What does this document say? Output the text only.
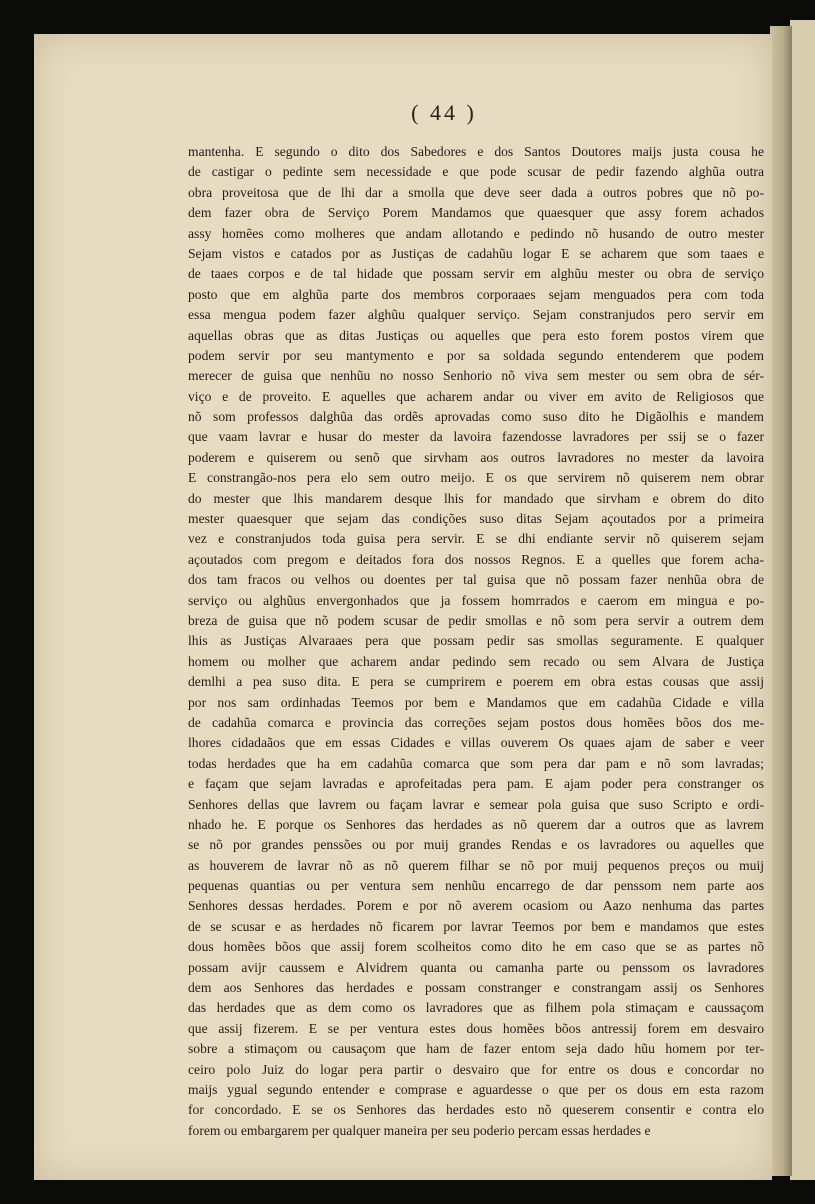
( 44 )
mantenha. E segundo o dito dos Sabedores e dos Santos Doutores maijs justa cousa he
de castigar o pedinte sem necessidade e que pode scusar de pedir fazendo alghũa outra
obra proveitosa que de lhi dar a smolla que deve seer dada a outros pobres que nõ po-
dem fazer obra de Serviço Porem Mandamos que quaesquer que assy forem achados
assy homẽes como molheres que andam allotando e pedindo nõ husando de outro mester
Sejam vistos e catados por as Justiças de cadahũu logar E se acharem que som taaes e
de taaes corpos e de tal hidade que possam servir em alghũu mester ou obra de serviço
posto que em alghũa parte dos membros corporaaes sejam menguados pera com toda
essa mengua podem fazer alghũu qualquer serviço. Sejam constranjudos pero servir em
aquellas obras que as ditas Justiças ou aquelles que pera esto forem postos virem que
podem servir por seu mantymento e por sa soldada segundo entenderem que podem
merecer de guisa que nenhũu no nosso Senhorio nõ viva sem mester ou sem obra de sér-
viço e de proveito. E aquelles que acharem andar ou viver em avito de Religiosos que
nõ som professos dalghũa das ordẽs aprovadas como suso dito he Digãolhis e mandem
que vaam lavrar e husar do mester da lavoira fazendosse lavradores per ssij se o fazer
poderem e quiserem ou senõ que sirvham aos outros lavradores no mester da lavoira
E constrangão-nos pera elo sem outro meijo. E os que servirem nõ quiserem nem obrar
do mester que lhis mandarem desque lhis for mandado que sirvham e obrem do dito
mester quaesquer que sejam das condições suso ditas Sejam açoutados por a primeira
vez e constranjudos toda guisa pera servir. E se dhi endiante servir nõ quiserem sejam
açoutados com pregom e deitados fora dos nossos Regnos. E a quelles que forem acha-
dos tam fracos ou velhos ou doentes per tal guisa que nõ possam fazer nenhũa obra de
serviço ou alghũus envergonhados que ja fossem homrrados e caerom em mingua e po-
breza de guisa que nõ podem scusar de pedir smollas e nõ som pera servir a outrem dem
lhis as Justiças Alvaraaes pera que possam pedir sas smollas seguramente. E qualquer
homem ou molher que acharem andar pedindo sem recado ou sem Alvara de Justiça
demlhi a pea suso dita. E pera se cumprirem e poerem em obra estas cousas que assij
por nos sam ordinhadas Teemos por bem e Mandamos que em cadahũa Cidade e villa
de cadahũa comarca e provincia das correções sejam postos dous homẽes bõos dos me-
lhores cidadaãos que em essas Cidades e villas ouverem Os quaes ajam de saber e veer
todas herdades que ha em cadahũa comarca que som pera dar pam e nõ som lavradas;
e façam que sejam lavradas e aprofeitadas pera pam. E ajam poder pera constranger os
Senhores dellas que lavrem ou façam lavrar e semear pola guisa que suso Scripto e ordi-
nhado he. E porque os Senhores das herdades as nõ querem dar a outros que as lavrem
se nõ por grandes penssões ou por muij grandes Rendas e os lavradores ou aquelles que
as houverem de lavrar nõ as nõ querem filhar se nõ por muij pequenos preços ou muij
pequenas quantias ou per ventura sem nenhũu encarrego de dar penssom nem parte aos
Senhores dessas herdades. Porem e por nõ averem ocasiom ou Aazo nenhuma das partes
de se scusar e as herdades nõ ficarem por lavrar Teemos por bem e mandamos que estes
dous homẽes bõos que assij forem scolheitos como dito he em caso que se as partes nõ
possam avijr caussem e Alvidrem quanta ou camanha parte ou penssom os lavradores
dem aos Senhores das herdades e possam constranger e constrangam assij os Senhores
das herdades que as dem como os lavradores que as filhem pola stimaçam e caussaçom
que assij fizerem. E se per ventura estes dous homẽes bõos antressij forem em desvairo
sobre a stimaçom ou causaçom que ham de fazer entom seja dado hũu homem por ter-
ceiro polo Juiz do logar pera partir o desvairo que for entre os dous e concordar no
maijs ygual segundo entender e comprase e aguardesse o que per os dous em esta razom
for concordado. E se os Senhores das herdades esto nõ queserem consentir e contra elo
forem ou embargarem per qualquer maneira per seu poderio percam essas herdades e
